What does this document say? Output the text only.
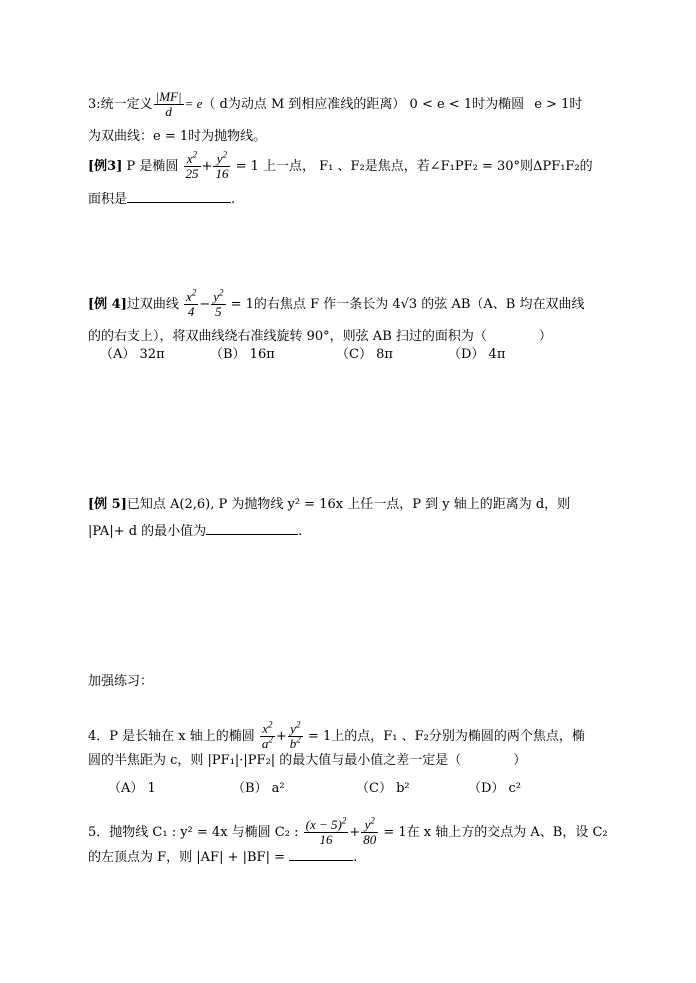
3:统一定义 $\frac{|MF|}{d} = e$（ d为动点 M 到相应准线的距离） 0 < e < 1时为椭圆 e > 1时
为双曲线：e = 1时为抛物线。
[例3] P 是椭圆 $\frac{x^2}{25} + \frac{y^2}{16} = 1$ 上一点， F₁ 、F₂是焦点，若∠F₁PF₂ = 30°则ΔPF₁F₂的
面积是	.
[例 4]过双曲线 $\frac{x^2}{4} - \frac{y^2}{5} = 1$的右焦点 F 作一条长为 4√3 的弦 AB（A、B 均在双曲线
的的右支上），将双曲线绕右准线旋转 90°，则弦 AB 扫过的面积为（　　　　）
（A） 32π	（B） 16π	（C） 8π	（D） 4π
[例 5]已知点 A(2,6), P 为抛物线 y² = 16x 上任一点，P 到 y 轴上的距离为 d，则
|PA|+ d 的最小值为	.
加强练习：
4．P 是长轴在 x 轴上的椭圆 $\frac{x^2}{a^2} + \frac{y^2}{b^2} = 1$上的点，F₁ 、F₂分别为椭圆的两个焦点，椭
圆的半焦距为 c，则 |PF₁|·|PF₂| 的最大值与最小值之差一定是（　　　　）
（A） 1	（B） a²	（C） b²	（D） c²
5．抛物线 C₁ : y² = 4x 与椭圆 C₂ : $\frac{(x - 5)^2}{16} + \frac{y^2}{80} = 1$在 x 轴上方的交点为 A、B，设 C₂
的左顶点为 F，则 |AF| + |BF| =	.
